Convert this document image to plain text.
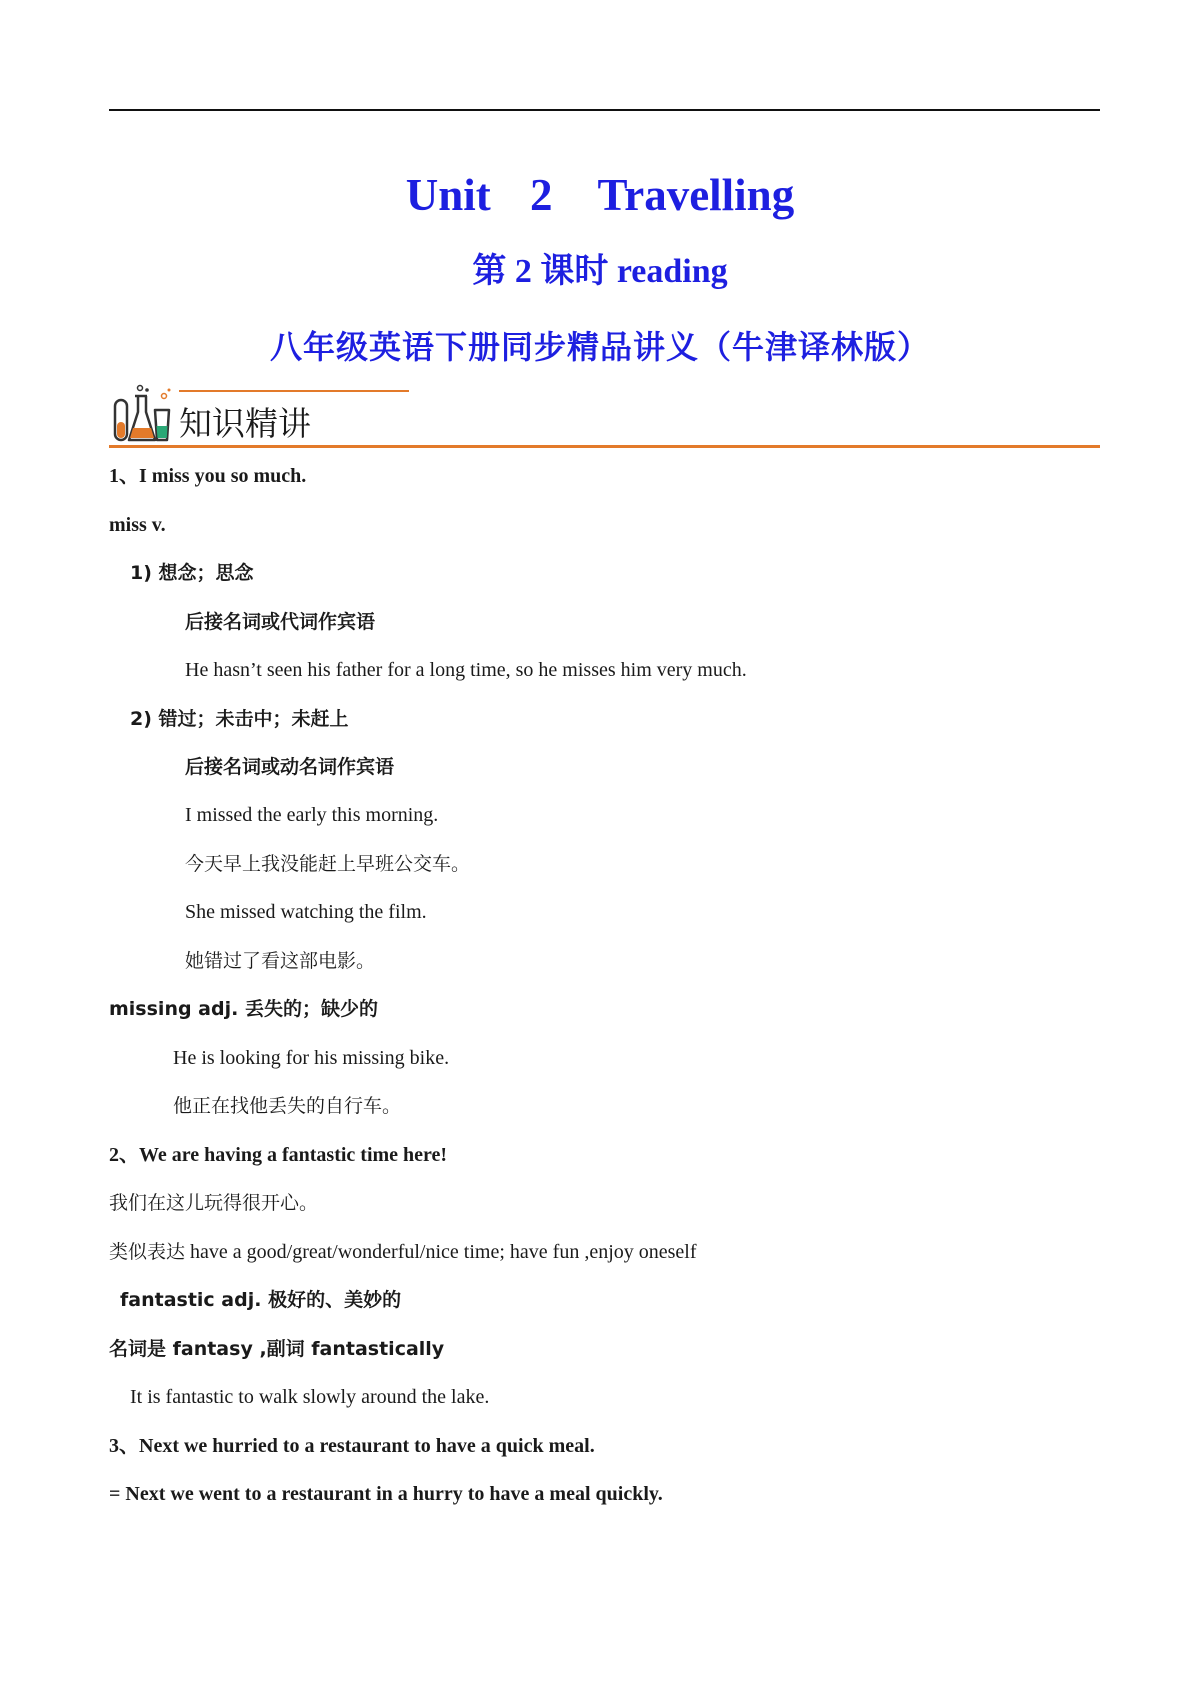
Unit 2　Travelling
第 2 课时 reading
八年级英语下册同步精品讲义（牛津译林版）
知识精讲
1、I miss you so much.
miss v.
1) 想念；思念
后接名词或代词作宾语
He hasn’t seen his father for a long time, so he misses him very much.
2) 错过；未击中；未赶上
后接名词或动名词作宾语
I missed the early this morning.
今天早上我没能赶上早班公交车。
She missed watching the film.
她错过了看这部电影。
missing adj. 丢失的；缺少的
He is looking for his missing bike.
他正在找他丢失的自行车。
2、We are having a fantastic time here!
我们在这儿玩得很开心。
类似表达 have a good/great/wonderful/nice time; have fun ,enjoy oneself
fantastic adj. 极好的、美妙的
名词是 fantasy ,副词 fantastically
It is fantastic to walk slowly around the lake.
3、Next we hurried to a restaurant to have a quick meal.
= Next we went to a restaurant in a hurry to have a meal quickly.
